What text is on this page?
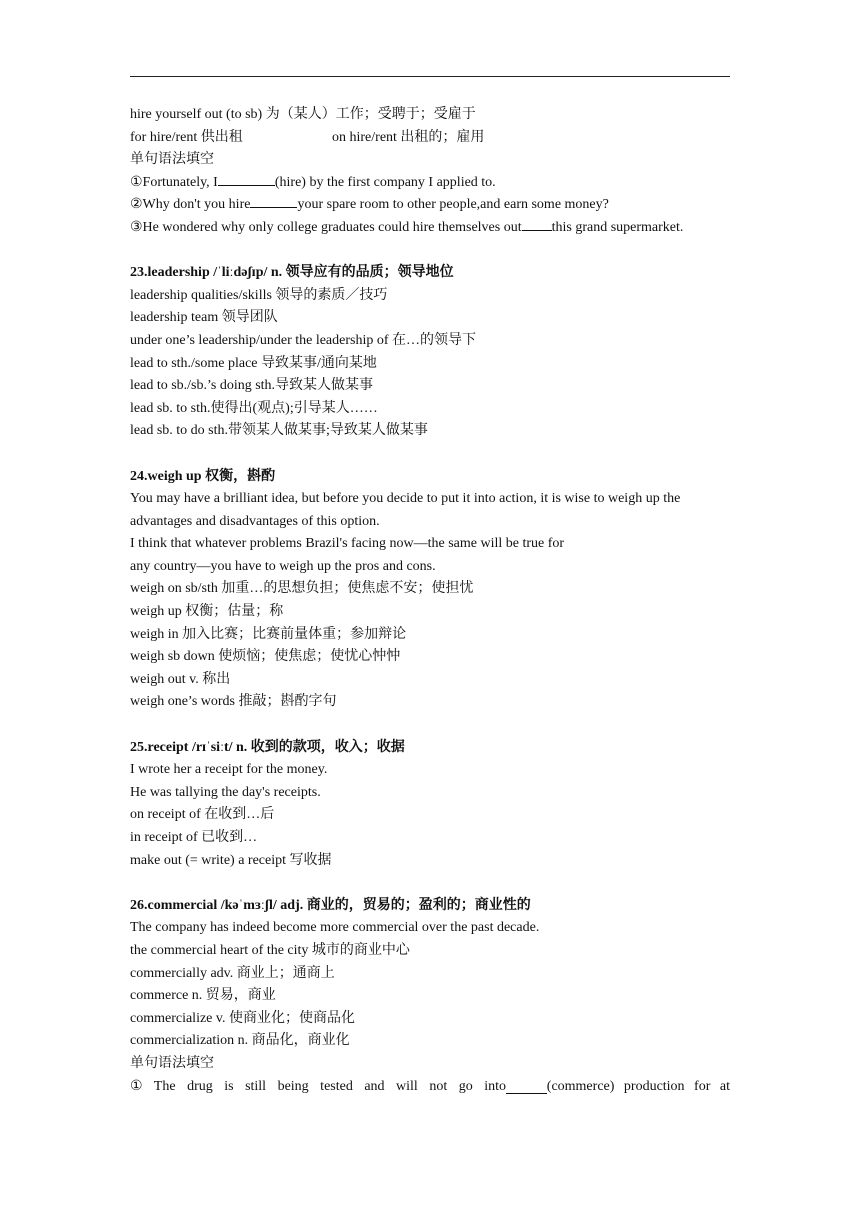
hire yourself out (to sb) 为（某人）工作；受聘于；受雇于
for hire/rent 供出租	on hire/rent 出租的；雇用
单句语法填空
①Fortunately, I	(hire) by the first company I applied to.
②Why don't you hire	your spare room to other people,and earn some money?
③He wondered why only college graduates could hire themselves out this grand supermarket.
23.leadership /ˈliːdəʃɪp/ n. 领导应有的品质；领导地位
leadership qualities/skills 领导的素质／技巧
leadership team 领导团队
under one’s leadership/under the leadership of 在…的领导下
lead to sth./some place 导致某事/通向某地
lead to sb./sb.’s doing sth.导致某人做某事
lead sb. to sth.使得出(观点);引导某人……
lead sb. to do sth.带领某人做某事;导致某人做某事
24.weigh up 权衡，斟酌
You may have a brilliant idea, but before you decide to put it into action, it is wise to weigh up the advantages and disadvantages of this option.
I think that whatever problems Brazil's facing now—the same will be true for
any country—you have to weigh up the pros and cons.
weigh on sb/sth 加重…的思想负担；使焦虑不安；使担忧
weigh up 权衡；估量；称
weigh in 加入比赛；比赛前量体重；参加辩论
weigh sb down 使烦恼；使焦虑；使忧心忡忡
weigh out v. 称出
weigh one’s words 推敲；斟酌字句
25.receipt /rɪˈsiːt/ n. 收到的款项，收入；收据
I wrote her a receipt for the money.
He was tallying the day's receipts.
on receipt of 在收到…后
in receipt of 已收到…
make out (= write) a receipt 写收据
26.commercial /kəˈmɜːʃl/ adj. 商业的，贸易的；盈利的；商业性的
The company has indeed become more commercial over the past decade.
the commercial heart of the city 城市的商业中心
commercially adv. 商业上；通商上
commerce n. 贸易，商业
commercialize v. 使商业化；使商品化
commercialization n. 商品化，商业化
单句语法填空
① The drug is still being tested and will not go into	(commerce) production for at
